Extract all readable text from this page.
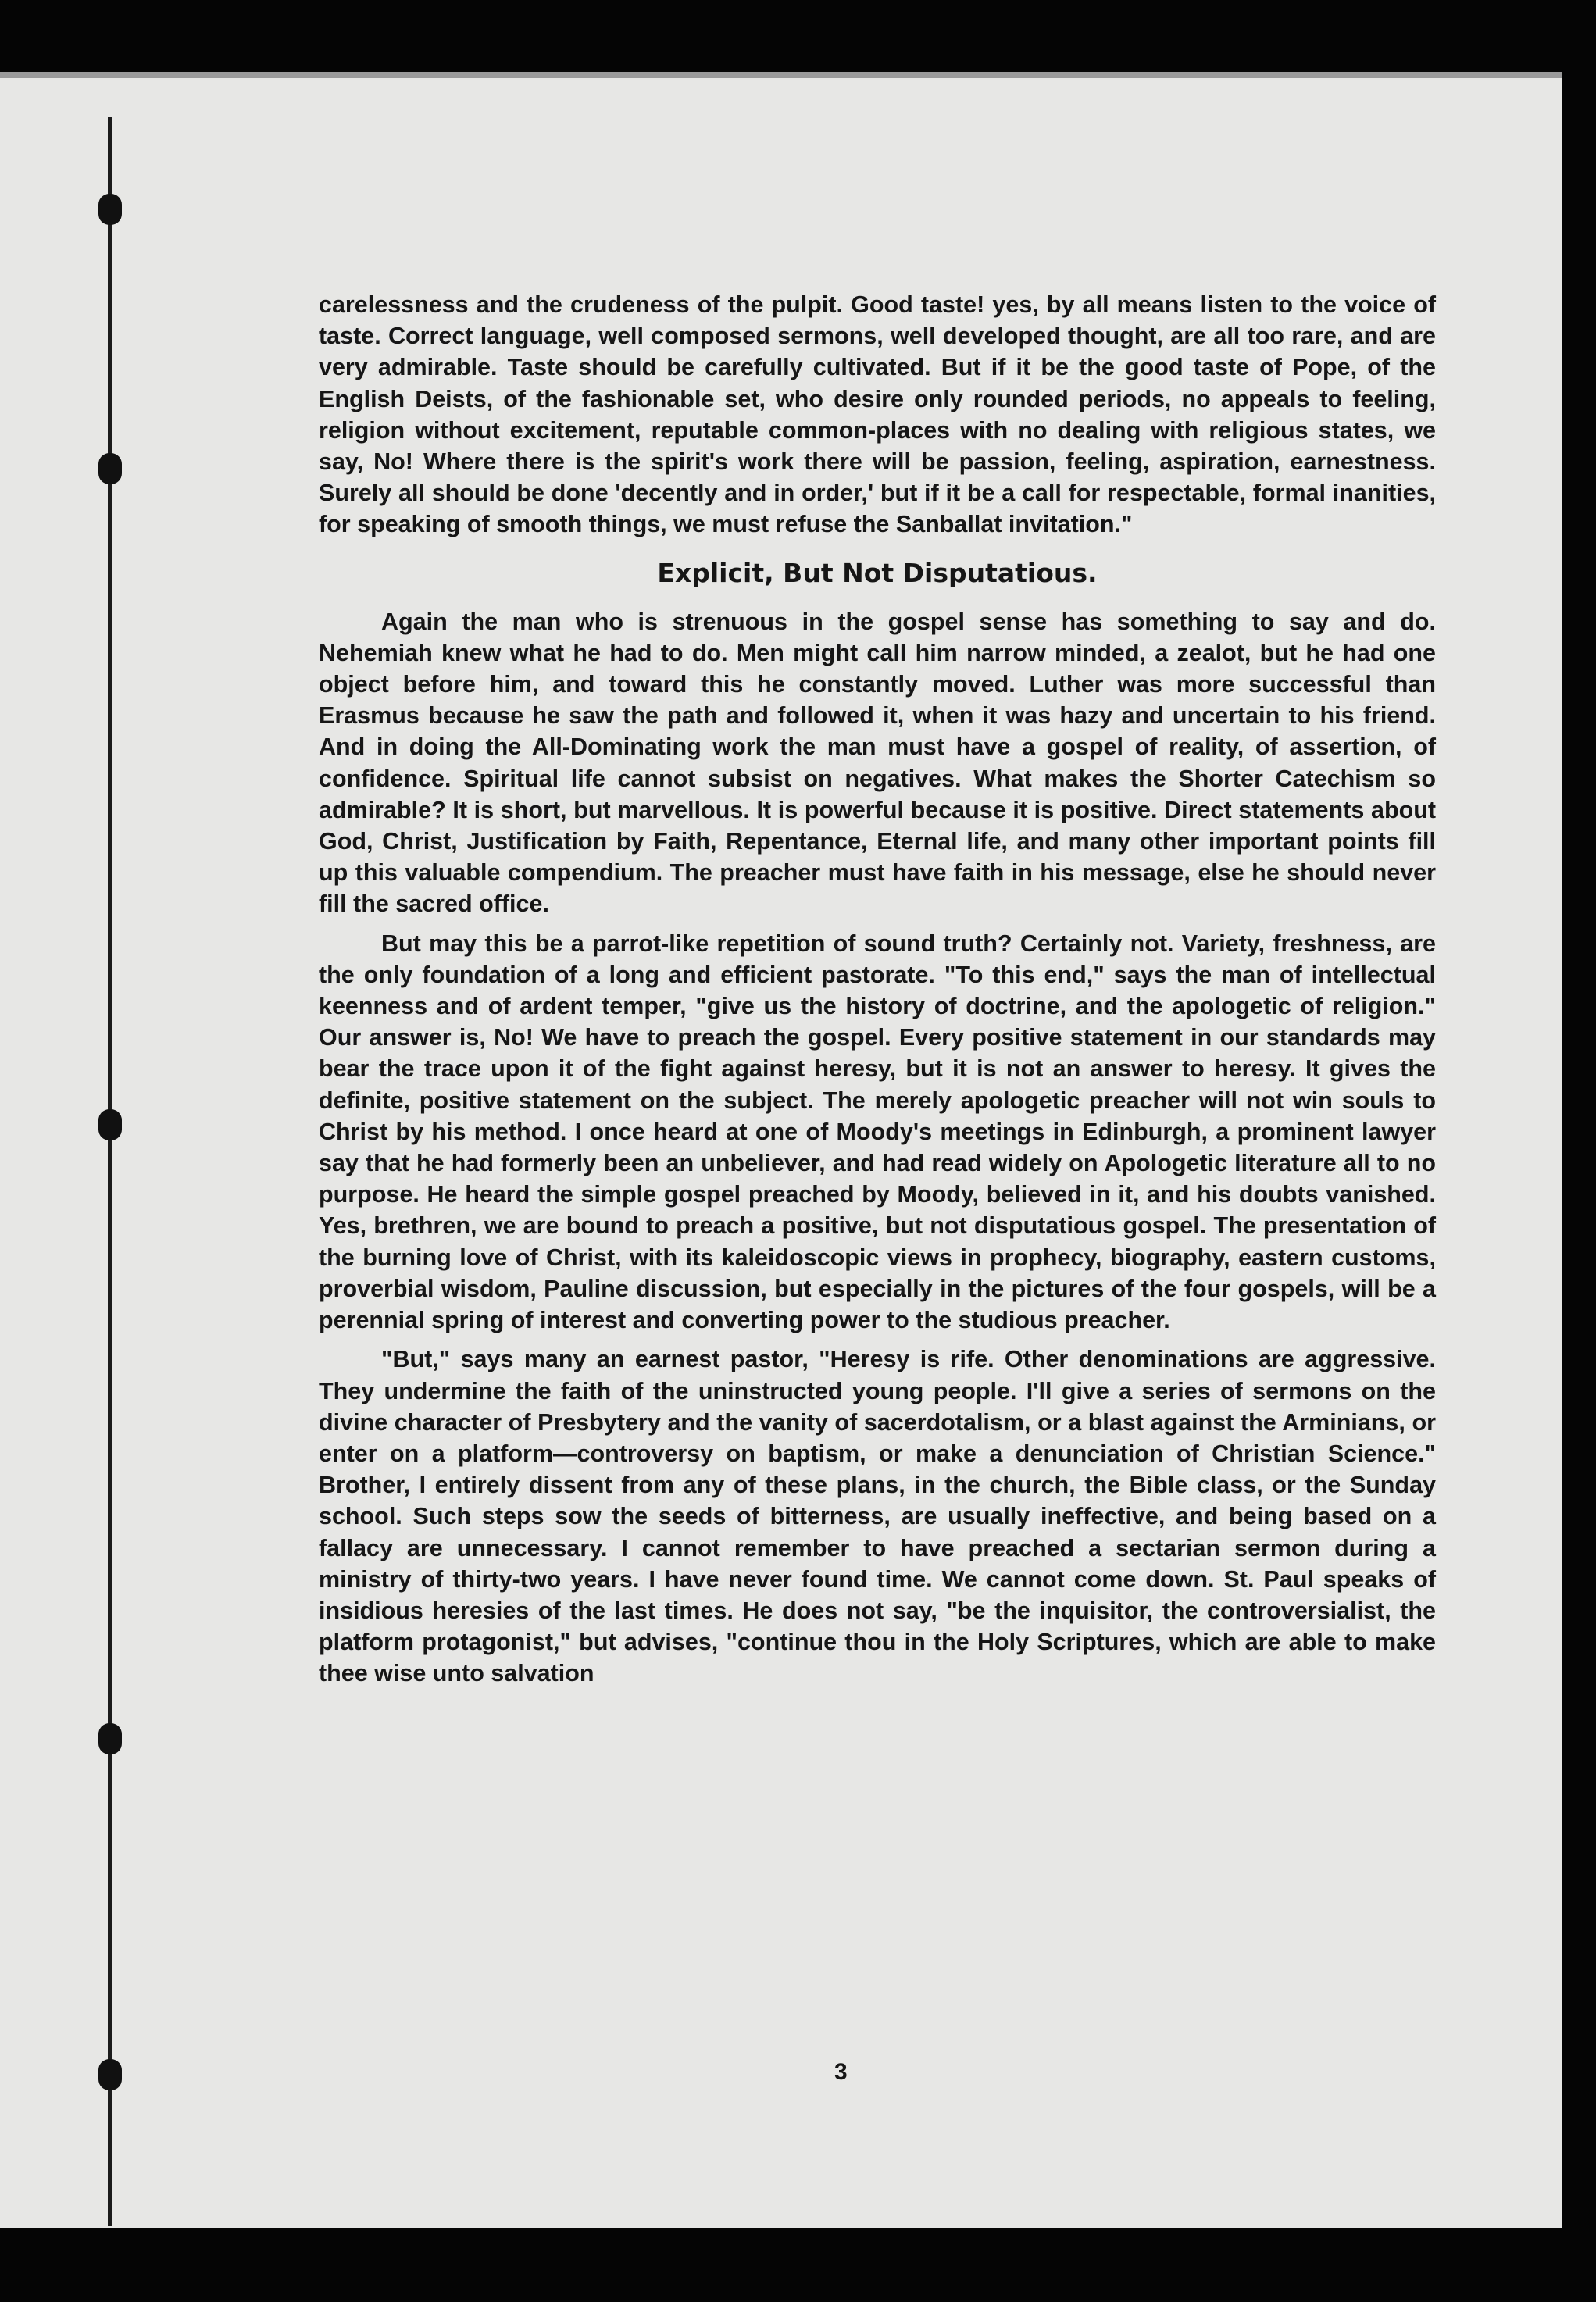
carelessness and the crudeness of the pulpit. Good taste! yes, by all means listen to the voice of taste. Correct language, well composed sermons, well developed thought, are all too rare, and are very admirable. Taste should be carefully cultivated. But if it be the good taste of Pope, of the English Deists, of the fashionable set, who desire only rounded periods, no appeals to feeling, religion without excitement, reputable common-places with no dealing with religious states, we say, No! Where there is the spirit's work there will be passion, feeling, aspiration, earnestness. Surely all should be done 'decently and in order,' but if it be a call for respectable, formal inanities, for speaking of smooth things, we must refuse the Sanballat invitation."

Explicit, But Not Disputatious.

Again the man who is strenuous in the gospel sense has something to say and do. Nehemiah knew what he had to do. Men might call him narrow minded, a zealot, but he had one object before him, and toward this he constantly moved. Luther was more successful than Erasmus because he saw the path and followed it, when it was hazy and uncertain to his friend. And in doing the All-Dominating work the man must have a gospel of reality, of assertion, of confidence. Spiritual life cannot subsist on negatives. What makes the Shorter Catechism so admirable? It is short, but marvellous. It is powerful because it is positive. Direct statements about God, Christ, Justification by Faith, Repentance, Eternal life, and many other important points fill up this valuable compendium. The preacher must have faith in his message, else he should never fill the sacred office.

But may this be a parrot-like repetition of sound truth? Certainly not. Variety, freshness, are the only foundation of a long and efficient pastorate. "To this end," says the man of intellectual keenness and of ardent temper, "give us the history of doctrine, and the apologetic of religion." Our answer is, No! We have to preach the gospel. Every positive statement in our standards may bear the trace upon it of the fight against heresy, but it is not an answer to heresy. It gives the definite, positive statement on the subject. The merely apologetic preacher will not win souls to Christ by his method. I once heard at one of Moody's meetings in Edinburgh, a prominent lawyer say that he had formerly been an unbeliever, and had read widely on Apologetic literature all to no purpose. He heard the simple gospel preached by Moody, believed in it, and his doubts vanished. Yes, brethren, we are bound to preach a positive, but not disputatious gospel. The presentation of the burning love of Christ, with its kaleidoscopic views in prophecy, biography, eastern customs, proverbial wisdom, Pauline discussion, but especially in the pictures of the four gospels, will be a perennial spring of interest and converting power to the studious preacher.

"But," says many an earnest pastor, "Heresy is rife. Other denominations are aggressive. They undermine the faith of the uninstructed young people. I'll give a series of sermons on the divine character of Presbytery and the vanity of sacerdotalism, or a blast against the Arminians, or enter on a platform—controversy on baptism, or make a denunciation of Christian Science." Brother, I entirely dissent from any of these plans, in the church, the Bible class, or the Sunday school. Such steps sow the seeds of bitterness, are usually ineffective, and being based on a fallacy are unnecessary. I cannot remember to have preached a sectarian sermon during a ministry of thirty-two years. I have never found time. We cannot come down. St. Paul speaks of insidious heresies of the last times. He does not say, "be the inquisitor, the controversialist, the platform protagonist," but advises, "continue thou in the Holy Scriptures, which are able to make thee wise unto salvation

3
